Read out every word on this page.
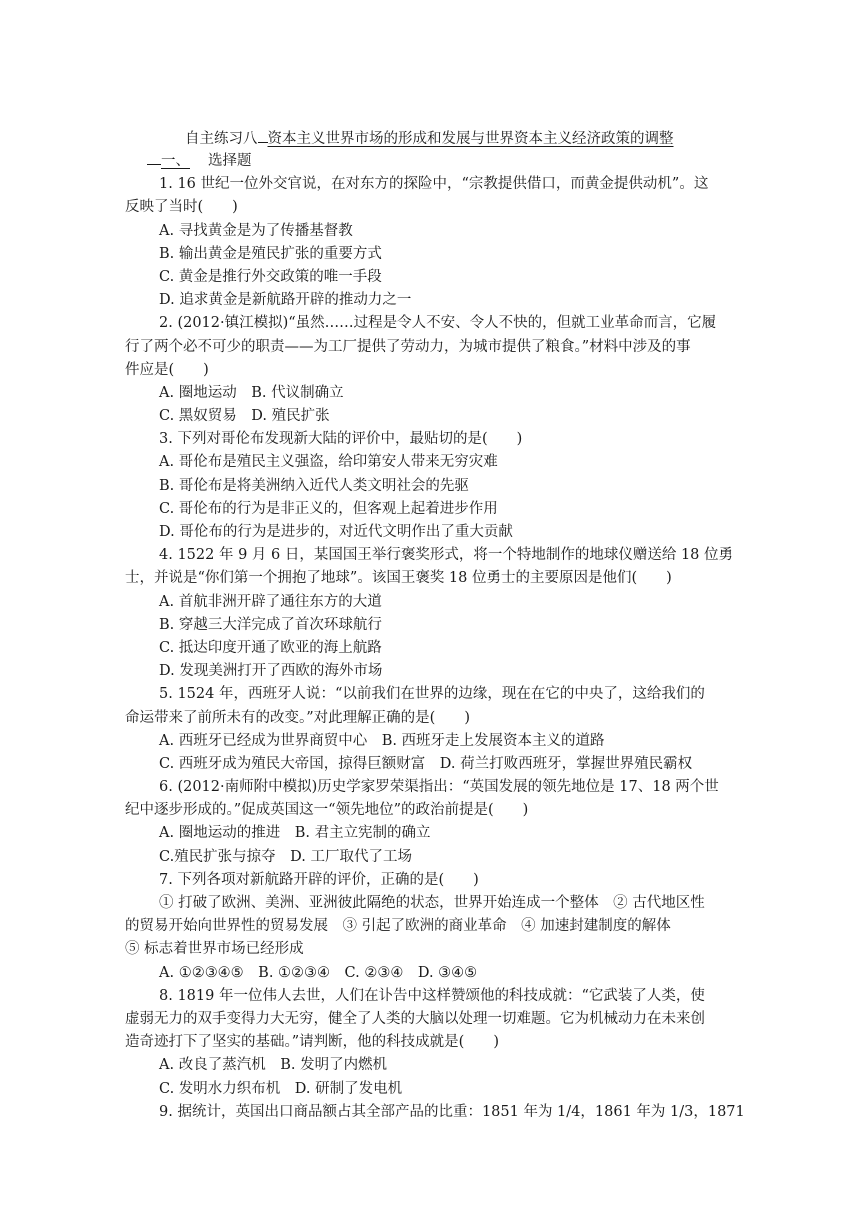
自主练习八 资本主义世界市场的形成和发展与世界资本主义经济政策的调整
一、 选择题
1. 16 世纪一位外交官说，在对东方的探险中，“宗教提供借口，而黄金提供动机”。这
反映了当时(　　)
A. 寻找黄金是为了传播基督教
B. 输出黄金是殖民扩张的重要方式
C. 黄金是推行外交政策的唯一手段
D. 追求黄金是新航路开辟的推动力之一
2. (2012·镇江模拟)“虽然……过程是令人不安、令人不快的，但就工业革命而言，它履
行了两个必不可少的职责——为工厂提供了劳动力，为城市提供了粮食。”材料中涉及的事
件应是(　　)
A. 圈地运动　B. 代议制确立
C. 黑奴贸易　D. 殖民扩张
3. 下列对哥伦布发现新大陆的评价中，最贴切的是(　　)
A. 哥伦布是殖民主义强盗，给印第安人带来无穷灾难
B. 哥伦布是将美洲纳入近代人类文明社会的先驱
C. 哥伦布的行为是非正义的，但客观上起着进步作用
D. 哥伦布的行为是进步的，对近代文明作出了重大贡献
4. 1522 年 9 月 6 日，某国国王举行褒奖形式，将一个特地制作的地球仪赠送给 18 位勇
士，并说是“你们第一个拥抱了地球”。该国王褒奖 18 位勇士的主要原因是他们(　　)
A. 首航非洲开辟了通往东方的大道
B. 穿越三大洋完成了首次环球航行
C. 抵达印度开通了欧亚的海上航路
D. 发现美洲打开了西欧的海外市场
5. 1524 年，西班牙人说：“以前我们在世界的边缘，现在在它的中央了，这给我们的
命运带来了前所未有的改变。”对此理解正确的是(　　)
A. 西班牙已经成为世界商贸中心　B. 西班牙走上发展资本主义的道路
C. 西班牙成为殖民大帝国，掠得巨额财富　D. 荷兰打败西班牙，掌握世界殖民霸权
6. (2012·南师附中模拟)历史学家罗荣渠指出：“英国发展的领先地位是 17、18 两个世
纪中逐步形成的。”促成英国这一“领先地位”的政治前提是(　　)
A. 圈地运动的推进　B. 君主立宪制的确立
C.殖民扩张与掠夺　D. 工厂取代了工场
7. 下列各项对新航路开辟的评价，正确的是(　　)
① 打破了欧洲、美洲、亚洲彼此隔绝的状态，世界开始连成一个整体　② 古代地区性
的贸易开始向世界性的贸易发展　③ 引起了欧洲的商业革命　④ 加速封建制度的解体
⑤ 标志着世界市场已经形成
A. ①②③④⑤　B. ①②③④　C. ②③④　D. ③④⑤
8. 1819 年一位伟人去世，人们在讣告中这样赞颂他的科技成就：“它武装了人类，使
虚弱无力的双手变得力大无穷，健全了人类的大脑以处理一切难题。它为机械动力在未来创
造奇迹打下了坚实的基础。”请判断，他的科技成就是(　　)
A. 改良了蒸汽机　B. 发明了内燃机
C. 发明水力织布机　D. 研制了发电机
9. 据统计，英国出口商品额占其全部产品的比重：1851 年为 1/4，1861 年为 1/3，1871
